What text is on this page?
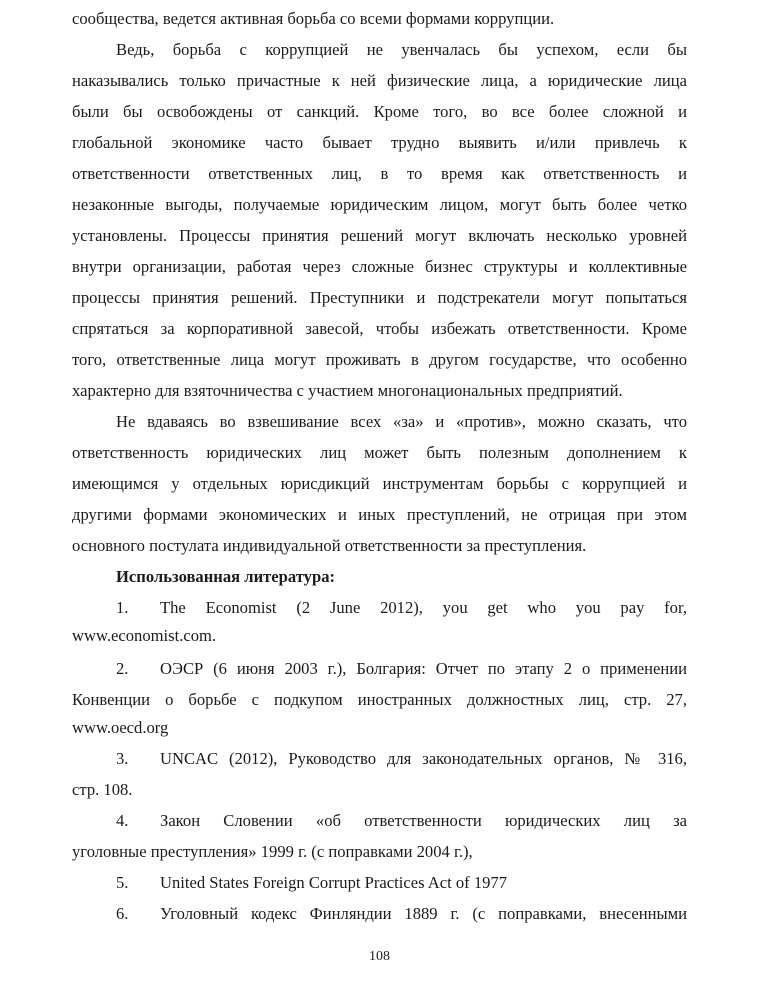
сообщества, ведется активная борьба со всеми формами коррупции.
Ведь, борьба с коррупцией не увенчалась бы успехом, если бы
наказывались только причастные к ней физические лица, а юридические лица
были бы освобождены от санкций. Кроме того, во все более сложной и
глобальной экономике часто бывает трудно выявить и/или привлечь к
ответственности ответственных лиц, в то время как ответственность и
незаконные выгоды, получаемые юридическим лицом, могут быть более четко
установлены. Процессы принятия решений могут включать несколько уровней
внутри организации, работая через сложные бизнес структуры и коллективные
процессы принятия решений. Преступники и подстрекатели могут попытаться
спрятаться за корпоративной завесой, чтобы избежать ответственности. Кроме
того, ответственные лица могут проживать в другом государстве, что особенно
характерно для взяточничества с участием многонациональных предприятий.
Не вдаваясь во взвешивание всех «за» и «против», можно сказать, что
ответственность юридических лиц может быть полезным дополнением к
имеющимся у отдельных юрисдикций инструментам борьбы с коррупцией и
другими формами экономических и иных преступлений, не отрицая при этом
основного постулата индивидуальной ответственности за преступления.
Использованная литература:
1. The Economist (2 June 2012), you get who you pay for,
www.economist.com.
2. ОЭСР (6 июня 2003 г.), Болгария: Отчет по этапу 2 о применении
Конвенции о борьбе с подкупом иностранных должностных лиц, стр. 27,
www.oecd.org
3. UNCAC (2012), Руководство для законодательных органов, № 316,
стр. 108.
4. Закон Словении «об ответственности юридических лиц за
уголовные преступления» 1999 г. (с поправками 2004 г.),
5. United States Foreign Corrupt Practices Act of 1977
6. Уголовный кодекс Финляндии 1889 г. (с поправками, внесенными
108
